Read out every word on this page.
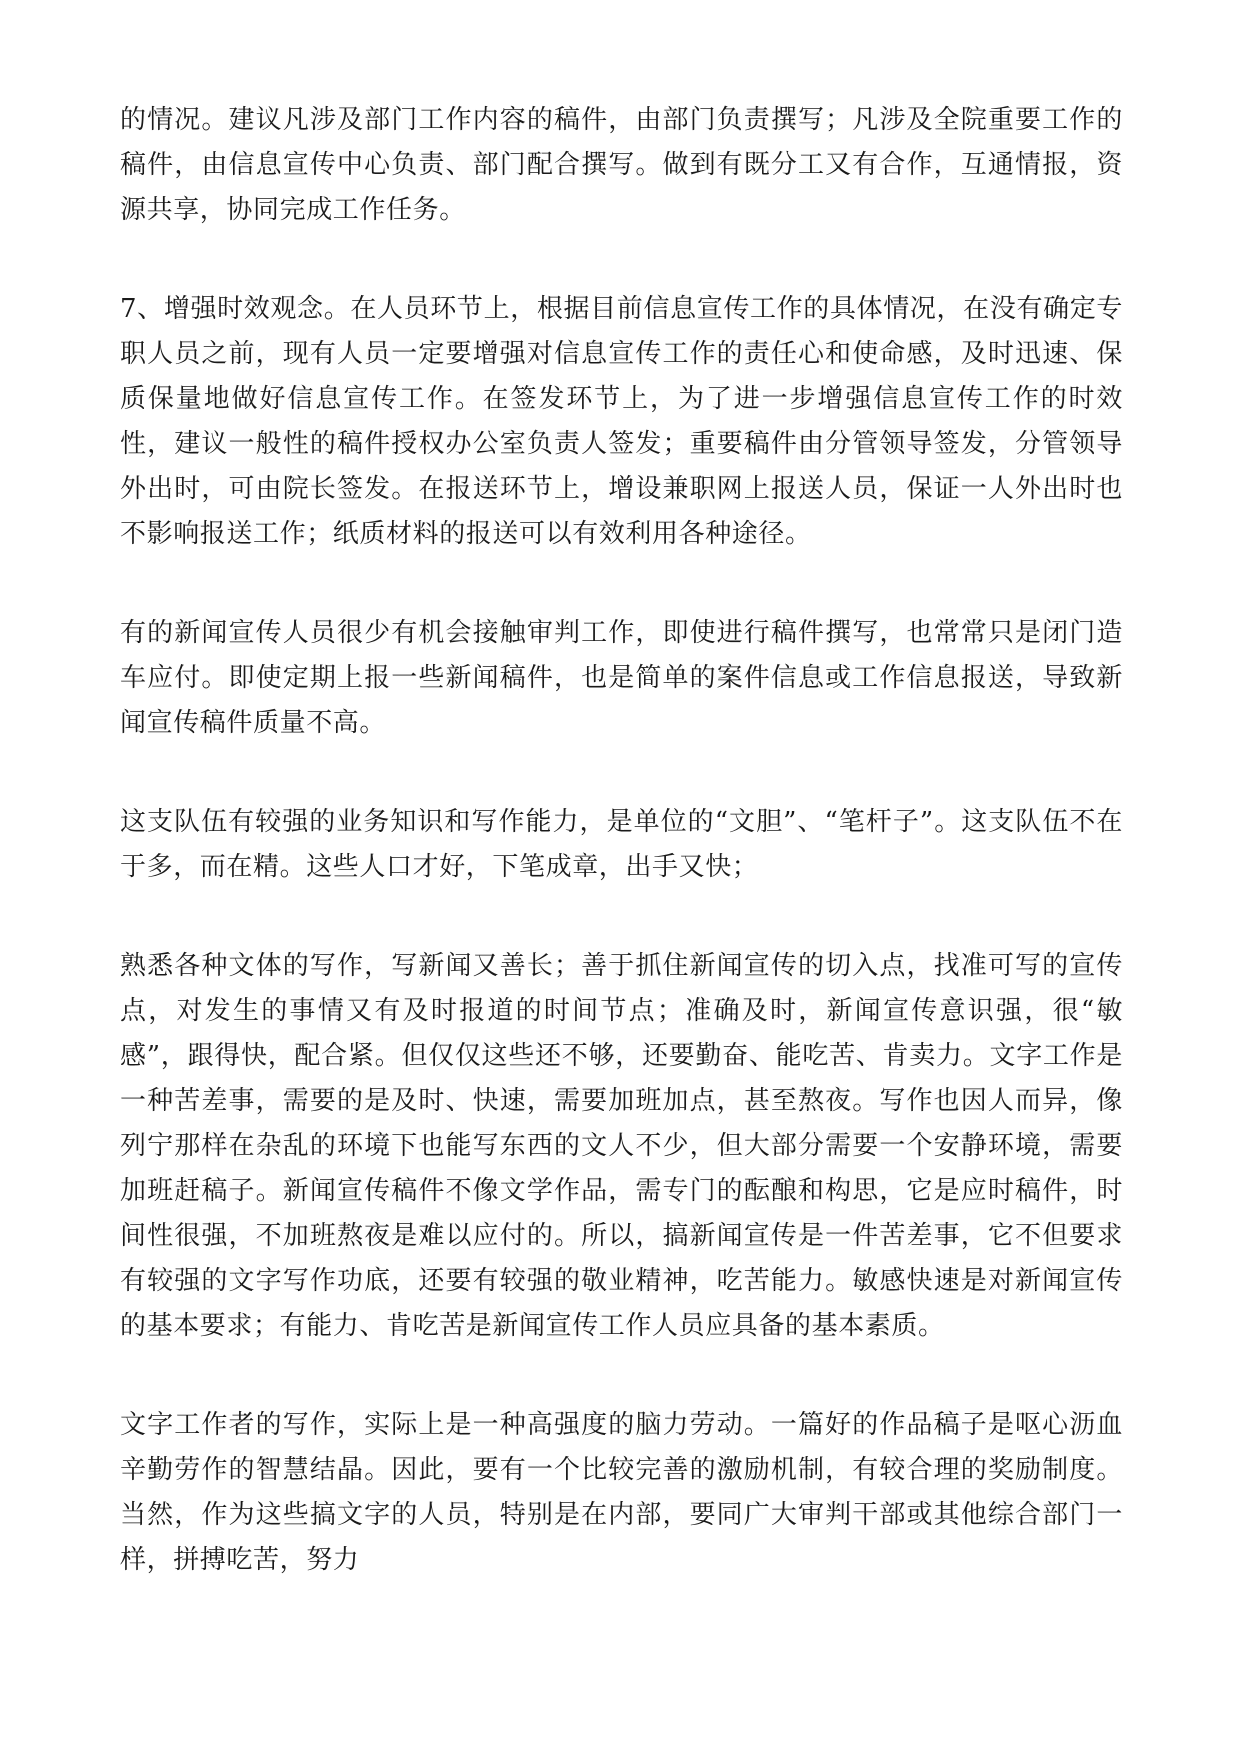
的情况。建议凡涉及部门工作内容的稿件，由部门负责撰写；凡涉及全院重要工作的稿件，由信息宣传中心负责、部门配合撰写。做到有既分工又有合作，互通情报，资源共享，协同完成工作任务。

7、增强时效观念。在人员环节上，根据目前信息宣传工作的具体情况，在没有确定专职人员之前，现有人员一定要增强对信息宣传工作的责任心和使命感，及时迅速、保质保量地做好信息宣传工作。在签发环节上，为了进一步增强信息宣传工作的时效性，建议一般性的稿件授权办公室负责人签发；重要稿件由分管领导签发，分管领导外出时，可由院长签发。在报送环节上，增设兼职网上报送人员，保证一人外出时也不影响报送工作；纸质材料的报送可以有效利用各种途径。

有的新闻宣传人员很少有机会接触审判工作，即使进行稿件撰写，也常常只是闭门造车应付。即使定期上报一些新闻稿件，也是简单的案件信息或工作信息报送，导致新闻宣传稿件质量不高。

这支队伍有较强的业务知识和写作能力，是单位的“文胆”、“笔杆子”。这支队伍不在于多，而在精。这些人口才好，下笔成章，出手又快；

熟悉各种文体的写作，写新闻又善长；善于抓住新闻宣传的切入点，找准可写的宣传点，对发生的事情又有及时报道的时间节点；准确及时，新闻宣传意识强，很“敏感”，跟得快，配合紧。但仅仅这些还不够，还要勤奋、能吃苦、肯卖力。文字工作是一种苦差事，需要的是及时、快速，需要加班加点，甚至熬夜。写作也因人而异，像列宁那样在杂乱的环境下也能写东西的文人不少，但大部分需要一个安静环境，需要加班赶稿子。新闻宣传稿件不像文学作品，需专门的酝酿和构思，它是应时稿件，时间性很强，不加班熬夜是难以应付的。所以，搞新闻宣传是一件苦差事，它不但要求有较强的文字写作功底，还要有较强的敬业精神，吃苦能力。敏感快速是对新闻宣传的基本要求；有能力、肯吃苦是新闻宣传工作人员应具备的基本素质。

文字工作者的写作，实际上是一种高强度的脑力劳动。一篇好的作品稿子是呕心沥血辛勤劳作的智慧结晶。因此，要有一个比较完善的激励机制，有较合理的奖励制度。当然，作为这些搞文字的人员，特别是在内部，要同广大审判干部或其他综合部门一样，拼搏吃苦，努力
